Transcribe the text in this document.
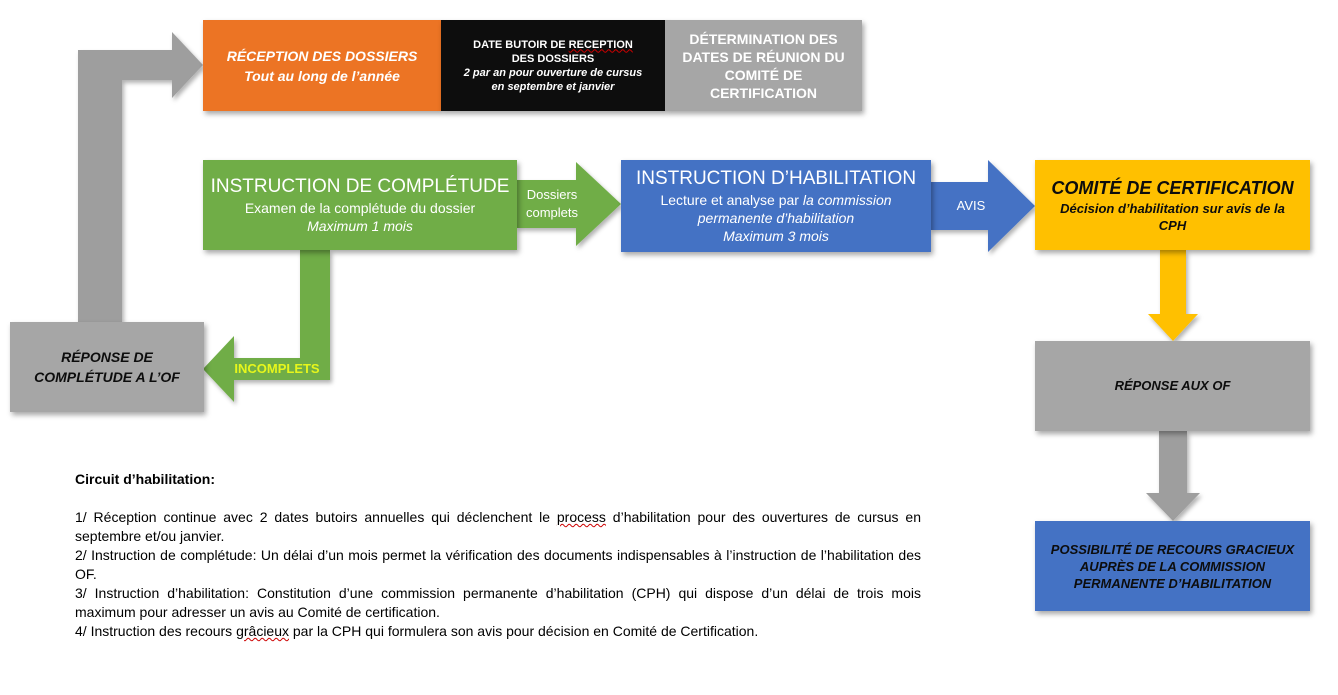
RÉCEPTION DES DOSSIERS
Tout au long de l’année
DATE BUTOIR DE RECEPTION
DES DOSSIERS
2 par an pour ouverture de cursus
en septembre et janvier
DÉTERMINATION DES
DATES DE RÉUNION DU
COMITÉ DE
CERTIFICATION
INSTRUCTION DE COMPLÉTUDE
Examen de la complétude du dossier
Maximum 1 mois
INSTRUCTION D’HABILITATION
Lecture et analyse par la commission
permanente d’habilitation
Maximum 3 mois
COMITÉ DE CERTIFICATION
Décision d’habilitation sur avis de la
CPH
RÉPONSE DE
COMPLÉTUDE A L’OF
RÉPONSE AUX OF
POSSIBILITÉ DE RECOURS GRACIEUX
AUPRÈS DE LA COMMISSION
PERMANENTE D’HABILITATION
Dossiers
complets	AVIS
INCOMPLETS
Circuit d’habilitation:

1/ Réception continue avec 2 dates butoirs annuelles qui déclenchent le process d’habilitation pour des ouvertures de cursus en septembre et/ou janvier.

2/ Instruction de complétude: Un délai d’un mois permet la vérification des documents indispensables à l’instruction de l’habilitation des OF.

3/ Instruction d’habilitation: Constitution d’une commission permanente d’habilitation (CPH) qui dispose d’un délai de trois mois maximum pour adresser un avis au Comité de certification.

4/ Instruction des recours grâcieux par la CPH qui formulera son avis pour décision en Comité de Certification.
